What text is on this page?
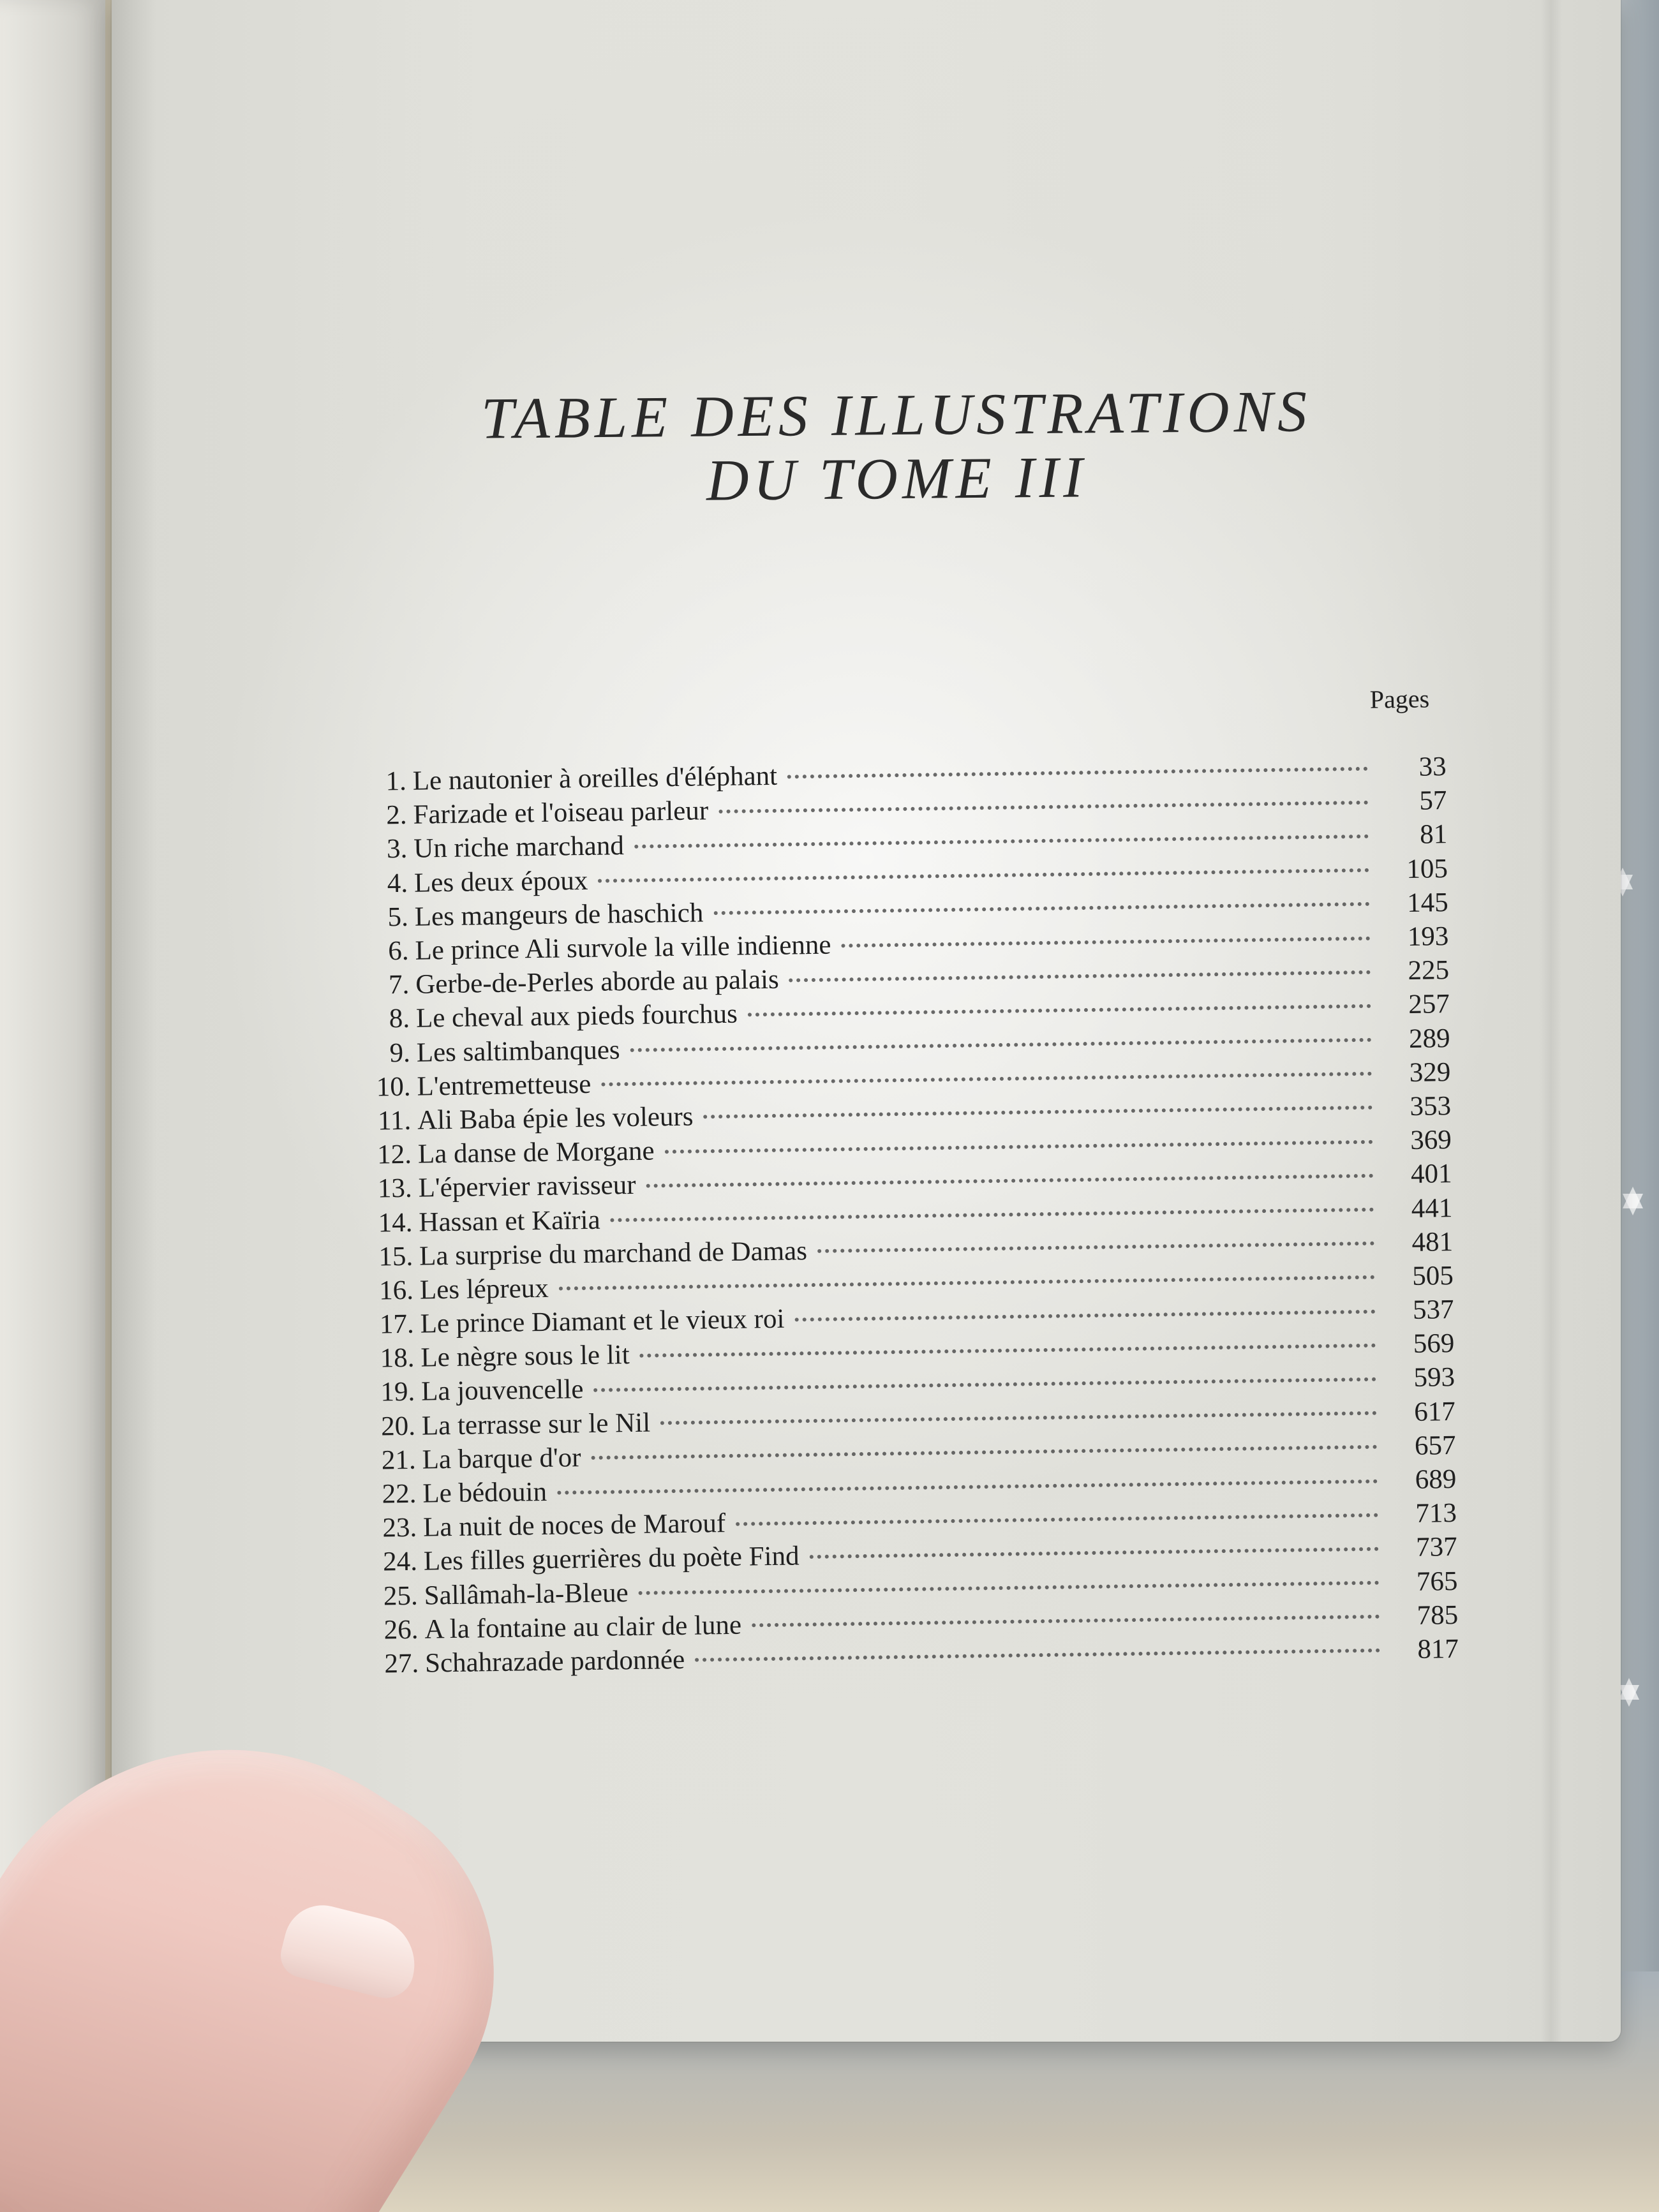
TABLE DES ILLUSTRATIONS
DU TOME III
Pages
1. Le nautonier à oreilles d'éléphant	33
2. Farizade et l'oiseau parleur	57
3. Un riche marchand	81
4. Les deux époux	105
5. Les mangeurs de haschich	145
6. Le prince Ali survole la ville indienne	193
7. Gerbe-de-Perles aborde au palais	225
8. Le cheval aux pieds fourchus	257
9. Les saltimbanques	289
10. L'entremetteuse	329
11. Ali Baba épie les voleurs	353
12. La danse de Morgane	369
13. L'épervier ravisseur	401
14. Hassan et Kaïria	441
15. La surprise du marchand de Damas	481
16. Les lépreux	505
17. Le prince Diamant et le vieux roi	537
18. Le nègre sous le lit	569
19. La jouvencelle	593
20. La terrasse sur le Nil	617
21. La barque d'or	657
22. Le bédouin	689
23. La nuit de noces de Marouf	713
24. Les filles guerrières du poète Find	737
25. Sallâmah-la-Bleue	765
26. A la fontaine au clair de lune	785
27. Schahrazade pardonnée	817
